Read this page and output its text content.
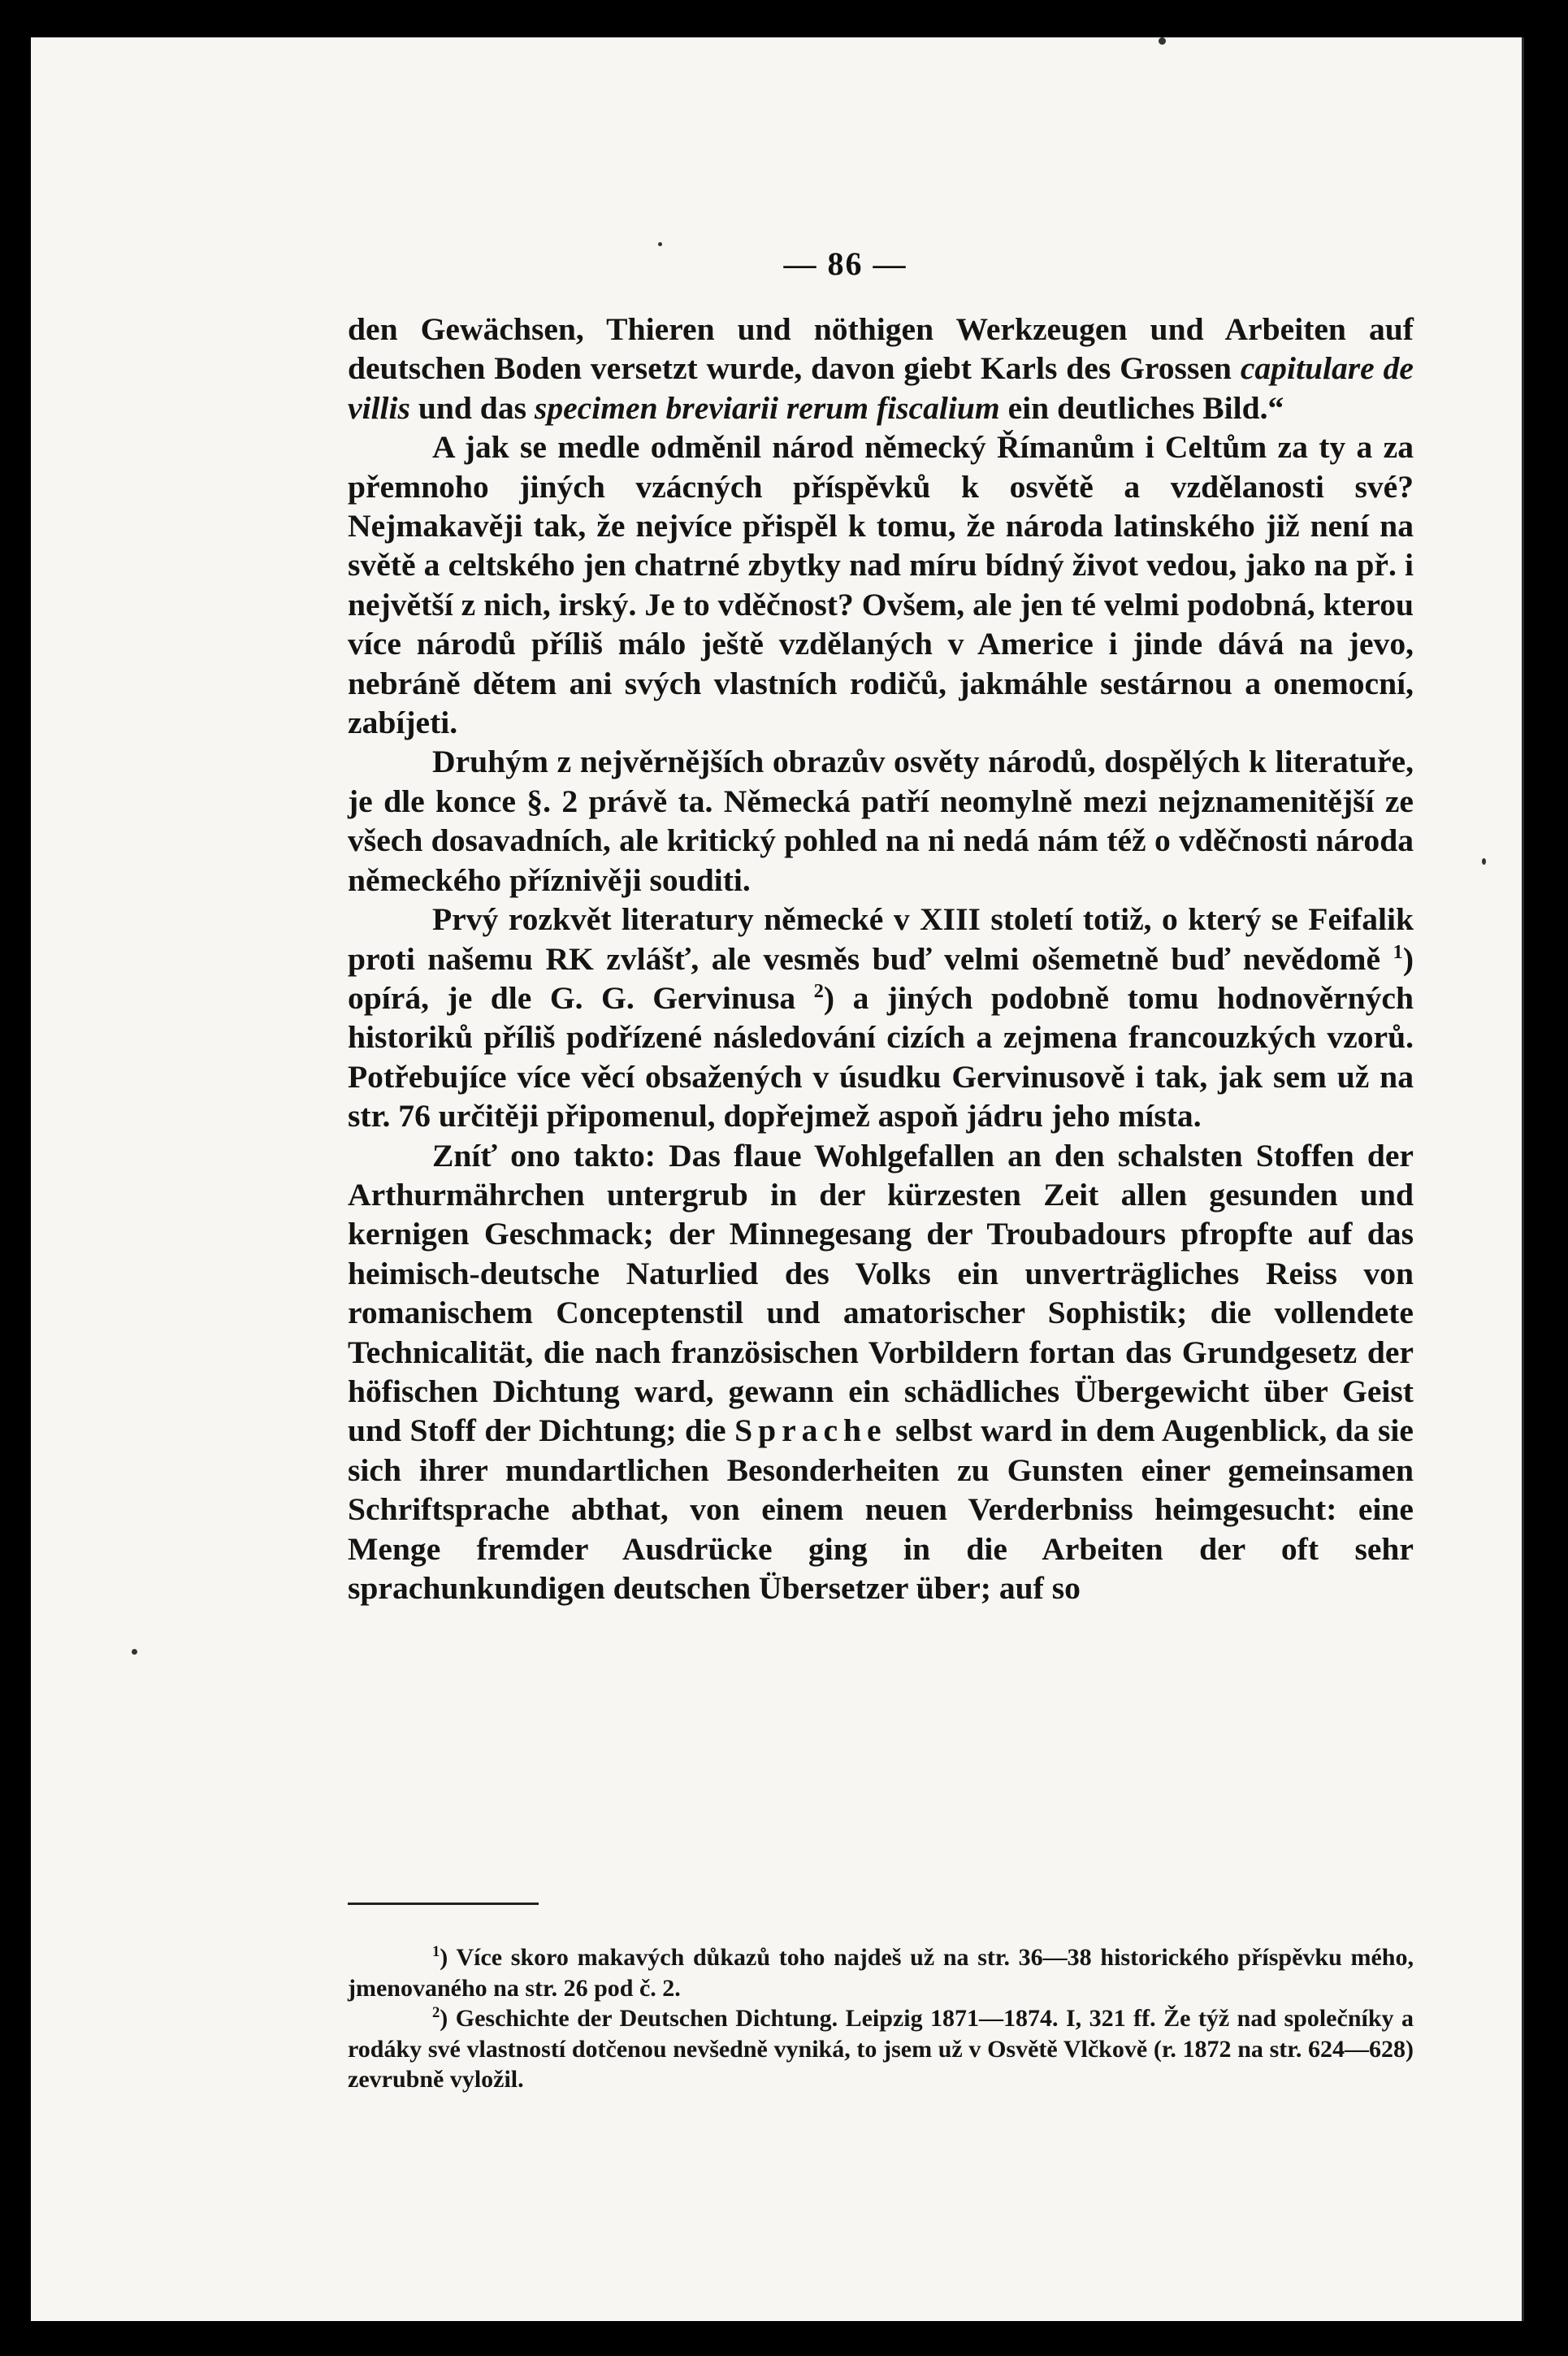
— 86 —

den Gewächsen, Thieren und nöthigen Werkzeugen und Arbeiten auf deutschen Boden versetzt wurde, davon giebt Karls des Grossen capitulare de villis und das specimen breviarii rerum fiscalium ein deutliches Bild.“

A jak se medle odměnil národ německý Římanům i Celtům za ty a za přemnoho jiných vzácných příspěvků k osvětě a vzdělanosti své? Nejmakavěji tak, že nejvíce přispěl k tomu, že národa latinského již není na světě a celtského jen chatrné zbytky nad míru bídný život vedou, jako na př. i největší z nich, irský. Je to vděčnost? Ovšem, ale jen té velmi podobná, kterou více národů příliš málo ještě vzdělaných v Americe i jinde dává na jevo, nebráně dětem ani svých vlastních rodičů, jakmáhle sestárnou a onemocní, zabíjeti.

Druhým z nejvěrnějších obrazův osvěty národů, dospělých k literatuře, je dle konce §. 2 právě ta. Německá patří neomylně mezi nejznamenitější ze všech dosavadních, ale kritický pohled na ni nedá nám též o vděčnosti národa německého příznivěji souditi.

Prvý rozkvět literatury německé v XIII století totiž, o který se Feifalik proti našemu RK zvlášť, ale vesměs buď velmi ošemetně buď nevědomě $^1$) opírá, je dle G. G. Gervinusa $^2$) a jiných podobně tomu hodnověrných historiků příliš podřízené následování cizích a zejmena francouzkých vzorů. Potřebujíce více věcí obsažených v úsudku Gervinusově i tak, jak sem už na str. 76 určitěji připomenul, dopřejmež aspoň jádru jeho místa.

Zníť ono takto: Das flaue Wohlgefallen an den schalsten Stoffen der Arthurmährchen untergrub in der kürzesten Zeit allen gesunden und kernigen Geschmack; der Minnegesang der Troubadours pfropfte auf das heimisch-deutsche Naturlied des Volks ein unverträgliches Reiss von romanischem Conceptenstil und amatorischer Sophistik; die vollendete Technicalität, die nach französischen Vorbildern fortan das Grundgesetz der höfischen Dichtung ward, gewann ein schädliches Übergewicht über Geist und Stoff der Dichtung; die Sprache selbst ward in dem Augenblick, da sie sich ihrer mundartlichen Besonderheiten zu Gunsten einer gemeinsamen Schriftsprache abthat, von einem neuen Verderbniss heimgesucht: eine Menge fremder Ausdrücke ging in die Arbeiten der oft sehr sprachunkundigen deutschen Übersetzer über; auf so

$^1$) Více skoro makavých důkazů toho najdeš už na str. 36—38 historického příspěvku mého, jmenovaného na str. 26 pod č. 2.

$^2$) Geschichte der Deutschen Dichtung. Leipzig 1871—1874. I, 321 ff. Že týž nad společníky a rodáky své vlastností dotčenou nevšedně vyniká, to jsem už v Osvětě Vlčkově (r. 1872 na str. 624—628) zevrubně vyložil.
